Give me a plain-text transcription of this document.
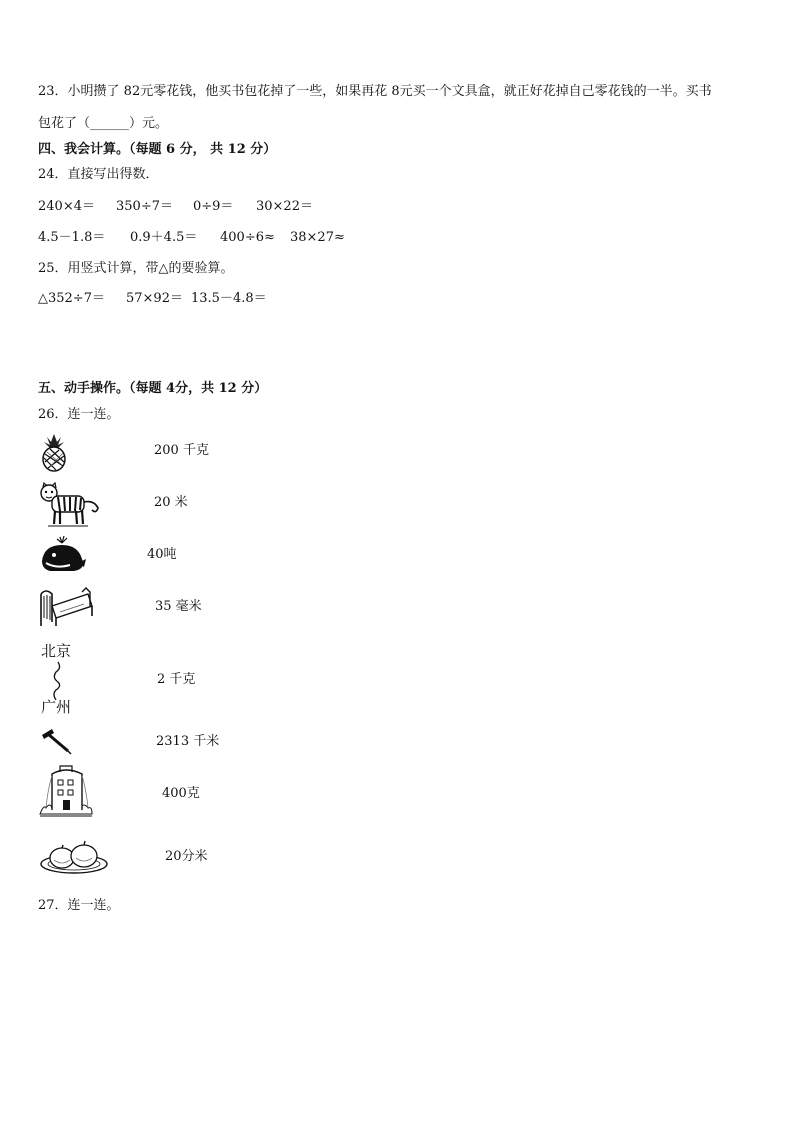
23．小明攒了 82元零花钱，他买书包花掉了一些，如果再花 8元买一个文具盒，就正好花掉自己零花钱的一半。买书
包花了（______）元。
四、我会计算。（每题 6 分， 共 12 分）
24．直接写出得数．
240×4＝ 350÷7＝ 0÷9＝ 30×22＝
4.5－1.8＝ 0.9＋4.5＝ 400÷6≈ 38×27≈
25．用竖式计算，带△的要验算。
△352÷7＝ 57×92＝ 13.5－4.8＝
五、动手操作。（每题 4分，共 12 分）
26．连一连。
200 千克
20 米
40吨
35 毫米
北京
广州
2 千克
2313 千米
400克
20分米
27．连一连。
